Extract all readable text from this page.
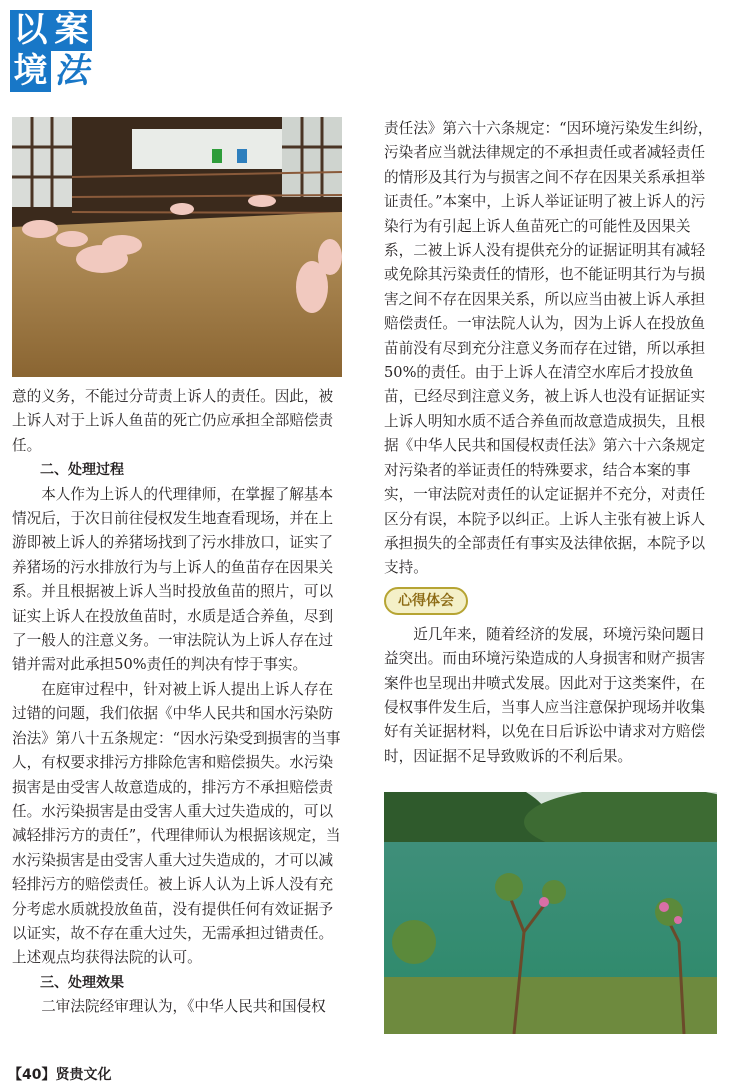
以 案
境 法

意的义务，不能过分苛责上诉人的责任。因此，被上诉人对于上诉人鱼苗的死亡仍应承担全部赔偿责任。

二、处理过程

本人作为上诉人的代理律师，在掌握了解基本情况后，于次日前往侵权发生地查看现场，并在上游即被上诉人的养猪场找到了污水排放口，证实了养猪场的污水排放行为与上诉人的鱼苗存在因果关系。并且根据被上诉人当时投放鱼苗的照片，可以证实上诉人在投放鱼苗时，水质是适合养鱼，尽到了一般人的注意义务。一审法院认为上诉人存在过错并需对此承担50%责任的判决有悖于事实。

在庭审过程中，针对被上诉人提出上诉人存在过错的问题，我们依据《中华人民共和国水污染防治法》第八十五条规定：“因水污染受到损害的当事人，有权要求排污方排除危害和赔偿损失。水污染损害是由受害人故意造成的，排污方不承担赔偿责任。水污染损害是由受害人重大过失造成的，可以减轻排污方的责任”，代理律师认为根据该规定，当水污染损害是由受害人重大过失造成的，才可以减轻排污方的赔偿责任。被上诉人认为上诉人没有充分考虑水质就投放鱼苗，没有提供任何有效证据予以证实，故不存在重大过失，无需承担过错责任。上述观点均获得法院的认可。

三、处理效果

二审法院经审理认为，《中华人民共和国侵权

责任法》第六十六条规定：“因环境污染发生纠纷，污染者应当就法律规定的不承担责任或者减轻责任的情形及其行为与损害之间不存在因果关系承担举证责任。”本案中，上诉人举证证明了被上诉人的污染行为有引起上诉人鱼苗死亡的可能性及因果关系，二被上诉人没有提供充分的证据证明其有减轻或免除其污染责任的情形，也不能证明其行为与损害之间不存在因果关系，所以应当由被上诉人承担赔偿责任。一审法院人认为，因为上诉人在投放鱼苗前没有尽到充分注意义务而存在过错，所以承担50%的责任。由于上诉人在清空水库后才投放鱼苗，已经尽到注意义务，被上诉人也没有证据证实上诉人明知水质不适合养鱼而故意造成损失，且根据《中华人民共和国侵权责任法》第六十六条规定对污染者的举证责任的特殊要求，结合本案的事实，一审法院对责任的认定证据并不充分，对责任区分有误，本院予以纠正。上诉人主张有被上诉人承担损失的全部责任有事实及法律依据，本院予以支持。

心得体会

近几年来，随着经济的发展，环境污染问题日益突出。而由环境污染造成的人身损害和财产损害案件也呈现出井喷式发展。因此对于这类案件，在侵权事件发生后，当事人应当注意保护现场并收集好有关证据材料，以免在日后诉讼中请求对方赔偿时，因证据不足导致败诉的不利后果。

【40】贤贵文化
